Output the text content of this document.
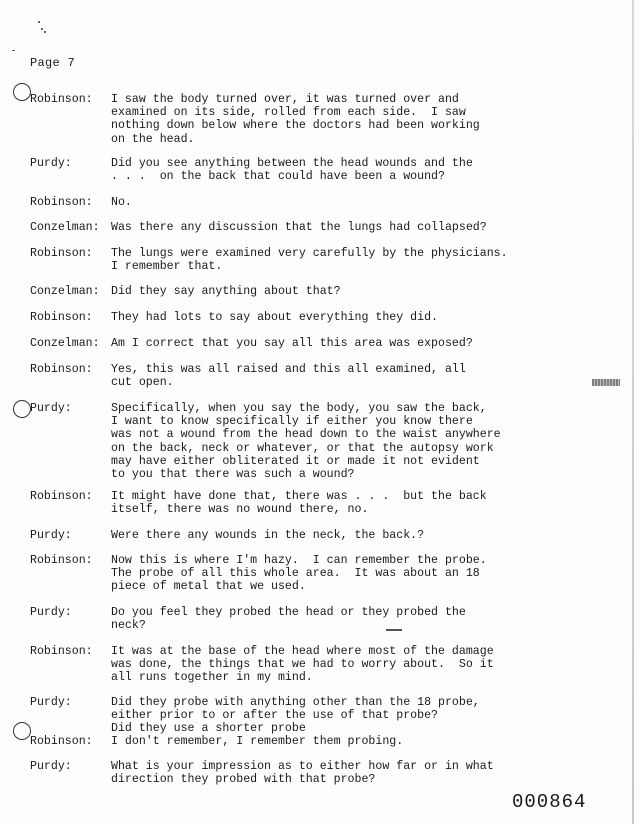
Page 7
Robinson: I saw the body turned over, it was turned over and
examined on its side, rolled from each side.  I saw
nothing down below where the doctors had been working
on the head.
Purdy:	Did you see anything between the head wounds and the
. . .  on the back that could have been a wound?
Robinson: No.
Conzelman: Was there any discussion that the lungs had collapsed?
Robinson: The lungs were examined very carefully by the physicians.
I remember that.
Conzelman: Did they say anything about that?
Robinson: They had lots to say about everything they did.
Conzelman: Am I correct that you say all this area was exposed?
Robinson: Yes, this was all raised and this all examined, all
cut open.
Purdy:	Specifically, when you say the body, you saw the back,
I want to know specifically if either you know there
was not a wound from the head down to the waist anywhere
on the back, neck or whatever, or that the autopsy work
may have either obliterated it or made it not evident
to you that there was such a wound?
Robinson: It might have done that, there was . . .  but the back
itself, there was no wound there, no.
Purdy:	Were there any wounds in the neck, the back.?
Robinson: Now this is where I'm hazy.  I can remember the probe.
The probe of all this whole area.  It was about an 18
piece of metal that we used.
Purdy:	Do you feel they probed the head or they probed the
neck?
Robinson: It was at the base of the head where most of the damage
was done, the things that we had to worry about.  So it
all runs together in my mind.
Purdy:	Did they probe with anything other than the 18 probe,
either prior to or after the use of that probe?
Did they use a shorter probe
Robinson: I don't remember, I remember them probing.
Purdy:	What is your impression as to either how far or in what
direction they probed with that probe?
000864
